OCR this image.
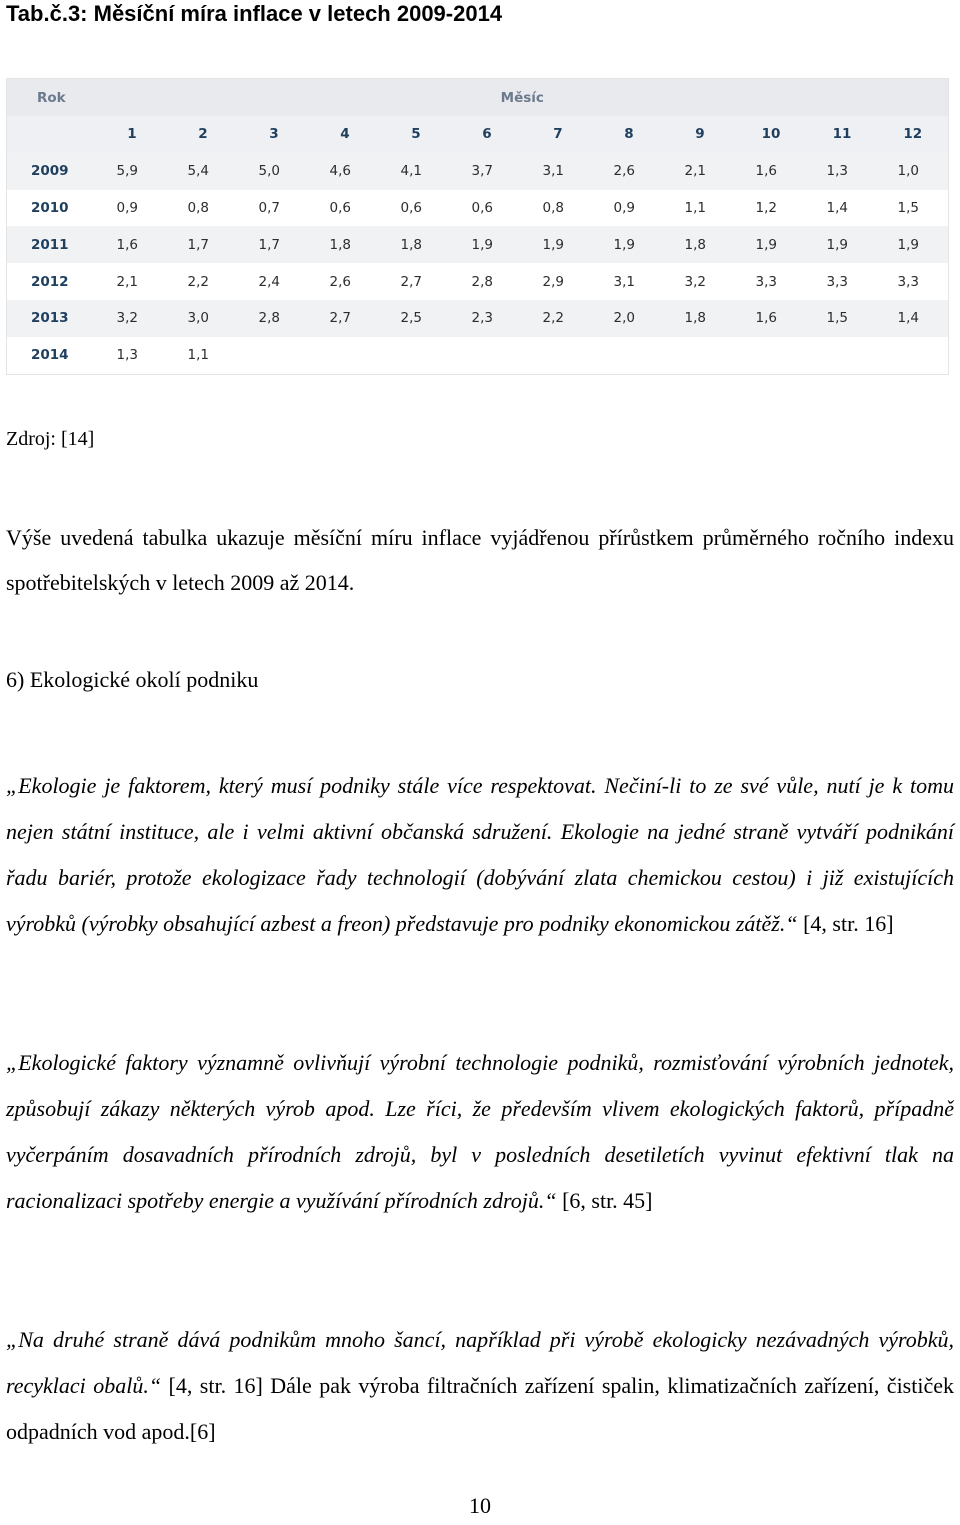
Tab.č.3: Měsíční míra inflace v letech 2009-2014
Rok	Měsíc											
	1	2	3	4	5	6	7	8	9	10	11	12
2009	5,9	5,4	5,0	4,6	4,1	3,7	3,1	2,6	2,1	1,6	1,3	1,0
2010	0,9	0,8	0,7	0,6	0,6	0,6	0,8	0,9	1,1	1,2	1,4	1,5
2011	1,6	1,7	1,7	1,8	1,8	1,9	1,9	1,9	1,8	1,9	1,9	1,9
2012	2,1	2,2	2,4	2,6	2,7	2,8	2,9	3,1	3,2	3,3	3,3	3,3
2013	3,2	3,0	2,8	2,7	2,5	2,3	2,2	2,0	1,8	1,6	1,5	1,4
2014	1,3	1,1										
Zdroj: [14]
Výše uvedená tabulka ukazuje měsíční míru inflace vyjádřenou přírůstkem průměrného ročního indexu spotřebitelských v letech 2009 až 2014.
6) Ekologické okolí podniku
„Ekologie je faktorem, který musí podniky stále více respektovat. Nečiní-li to ze své vůle, nutí je k tomu nejen státní instituce, ale i velmi aktivní občanská sdružení. Ekologie na jedné straně vytváří podnikání řadu bariér, protože ekologizace řady technologií (dobývání zlata chemickou cestou) i již existujících výrobků (výrobky obsahující azbest a freon) představuje pro podniky ekonomickou zátěž.“ [4, str. 16]
„Ekologické faktory významně ovlivňují výrobní technologie podniků, rozmisťování výrobních jednotek, způsobují zákazy některých výrob apod. Lze říci, že především vlivem ekologických faktorů, případně vyčerpáním dosavadních přírodních zdrojů, byl v posledních desetiletích vyvinut efektivní tlak na racionalizaci spotřeby energie a využívání přírodních zdrojů.“ [6, str. 45]
„Na druhé straně dává podnikům mnoho šancí, například při výrobě ekologicky nezávadných výrobků, recyklaci obalů.“ [4, str. 16] Dále pak výroba filtračních zařízení spalin, klimatizačních zařízení, čističek odpadních vod apod.[6]
10
